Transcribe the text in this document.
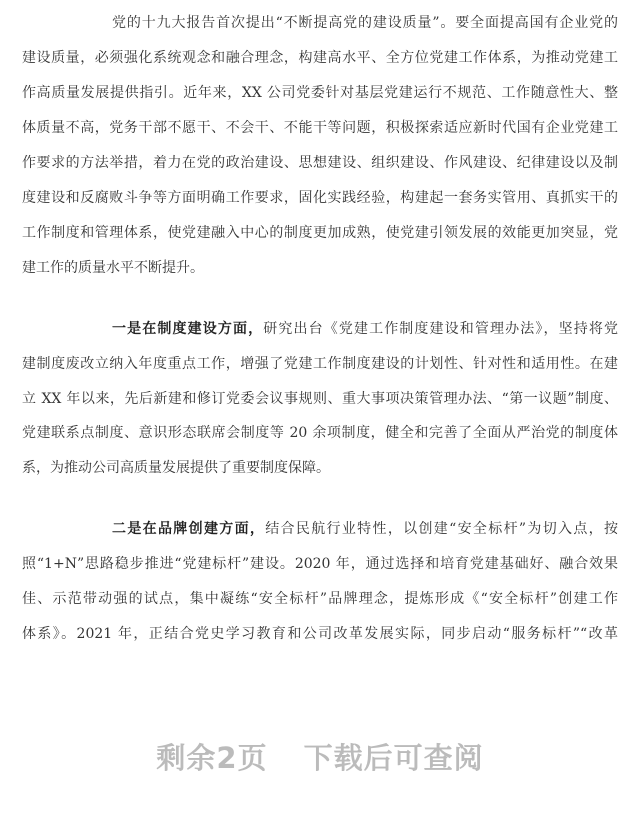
党的十九大报告首次提出“不断提高党的建设质量”。要全面提高国有企业党的
建设质量，必须强化系统观念和融合理念，构建高水平、全方位党建工作体系，为推动党建工
作高质量发展提供指引。近年来，XX 公司党委针对基层党建运行不规范、工作随意性大、整
体质量不高，党务干部不愿干、不会干、不能干等问题，积极探索适应新时代国有企业党建工
作要求的方法举措，着力在党的政治建设、思想建设、组织建设、作风建设、纪律建设以及制
度建设和反腐败斗争等方面明确工作要求，固化实践经验，构建起一套务实管用、真抓实干的
工作制度和管理体系，使党建融入中心的制度更加成熟，使党建引领发展的效能更加突显，党
建工作的质量水平不断提升。
一是在制度建设方面，研究出台《党建工作制度建设和管理办法》，坚持将党
建制度废改立纳入年度重点工作，增强了党建工作制度建设的计划性、针对性和适用性。在建
立 XX 年以来，先后新建和修订党委会议事规则、重大事项决策管理办法、“第一议题”制度、
党建联系点制度、意识形态联席会制度等 20 余项制度，健全和完善了全面从严治党的制度体
系，为推动公司高质量发展提供了重要制度保障。
二是在品牌创建方面，结合民航行业特性，以创建“安全标杆”为切入点，按
照“1+N”思路稳步推进“党建标杆”建设。2020 年，通过选择和培育党建基础好、融合效果
佳、示范带动强的试点，集中凝练“安全标杆”品牌理念，提炼形成《“安全标杆”创建工作
体系》。2021 年，正结合党史学习教育和公司改革发展实际，同步启动“服务标杆”“改革
剩余2页 下载后可查阅
